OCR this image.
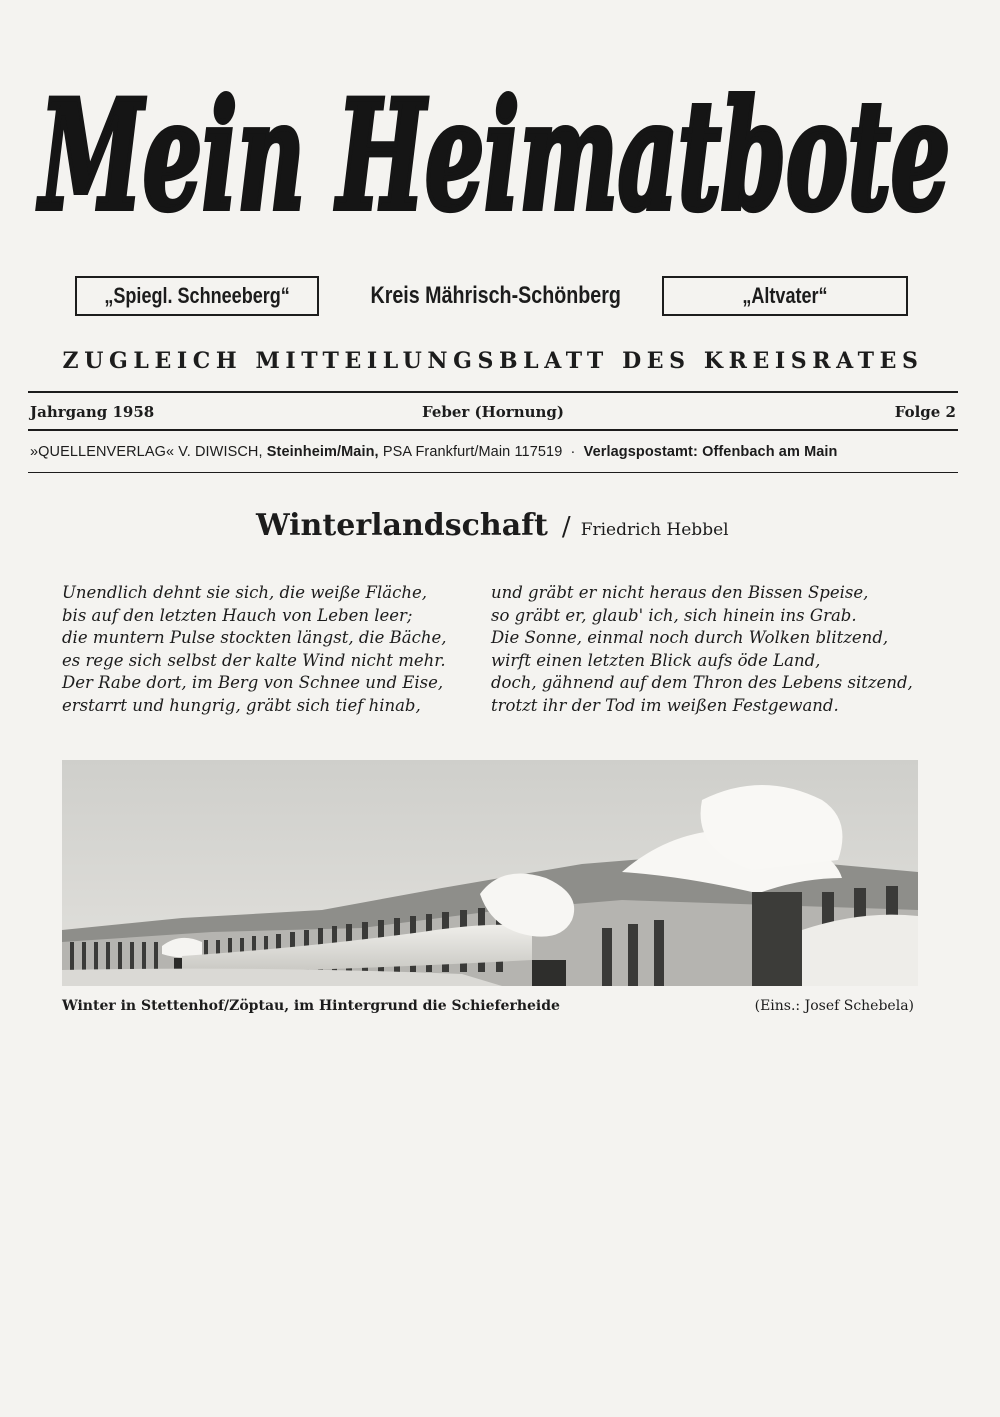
Mein Heimatbote
„Spiegl. Schneeberg“	Kreis Mährisch-Schönberg	„Altvater“
ZUGLEICH MITTEILUNGSBLATT DES KREISRATES
Jahrgang 1958	Feber (Hornung)	Folge 2
»QUELLENVERLAG« V. DIWISCH, Steinheim/Main, PSA Frankfurt/Main 117519 · Verlagspostamt: Offenbach am Main
Winterlandschaft / Friedrich Hebbel
Unendlich dehnt sie sich, die weiße Fläche,
bis auf den letzten Hauch von Leben leer;
die muntern Pulse stockten längst, die Bäche,
es rege sich selbst der kalte Wind nicht mehr.
Der Rabe dort, im Berg von Schnee und Eise,
erstarrt und hungrig, gräbt sich tief hinab,
und gräbt er nicht heraus den Bissen Speise,
so gräbt er, glaub' ich, sich hinein ins Grab.
Die Sonne, einmal noch durch Wolken blitzend,
wirft einen letzten Blick aufs öde Land,
doch, gähnend auf dem Thron des Lebens sitzend,
trotzt ihr der Tod im weißen Festgewand.
Winter in Stettenhof/Zöptau, im Hintergrund die Schieferheide	(Eins.: Josef Schebela)
